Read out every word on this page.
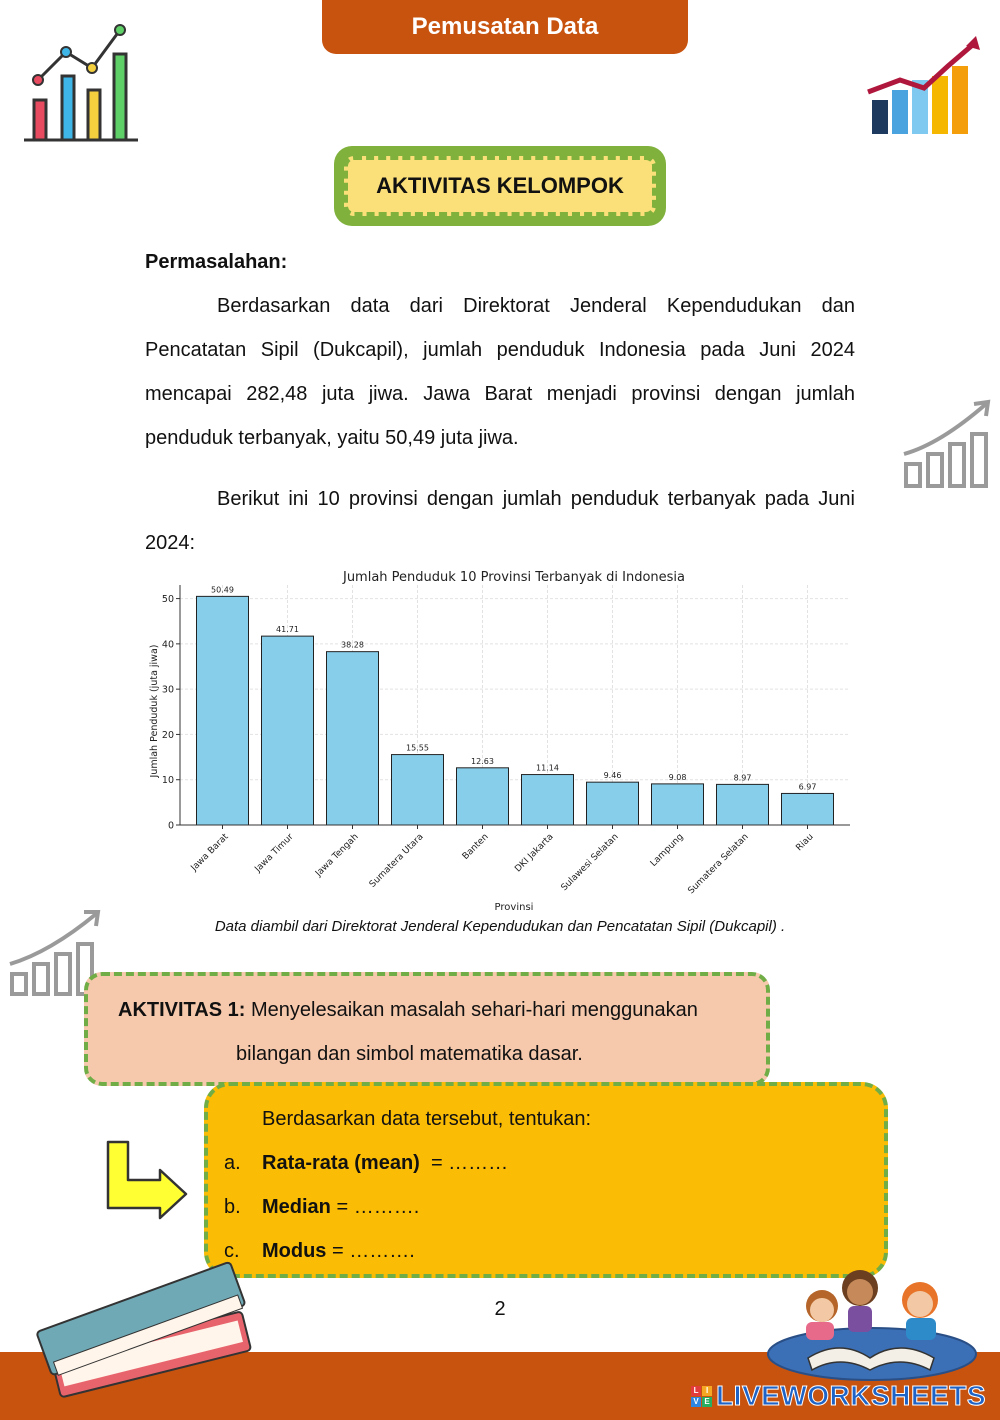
Pemusatan Data
AKTIVITAS KELOMPOK
Permasalahan:

Berdasarkan data dari Direktorat Jenderal Kependudukan dan Pencatatan Sipil (Dukcapil), jumlah penduduk Indonesia pada Juni 2024 mencapai 282,48 juta jiwa. Jawa Barat menjadi provinsi dengan jumlah penduduk terbanyak, yaitu 50,49 juta jiwa.

Berikut ini 10 provinsi dengan jumlah penduduk terbanyak pada Juni 2024:

Jumlah Penduduk 10 Provinsi Terbanyak di Indonesia
Jumlah Penduduk (juta jiwa)
Provinsi
50.49
41.71
38.28
15.55
12.63
11.14
9.46	9.08	8.97
6.97
0
10
20
30
40
50
Jawa Barat	Jawa Timur Jawa Tengah Sumatera Utara	Banten	DKI Jakarta Sulawesi Selatan	Lampung Sumatera Selatan	Riau
Data diambil dari Direktorat Jenderal Kependudukan dan Pencatatan Sipil (Dukcapil) .
AKTIVITAS 1: Menyelesaikan masalah sehari-hari menggunakan
bilangan dan simbol matematika dasar.
Berdasarkan data tersebut, tentukan:
a. Rata-rata (mean)  = ………
b. Median = ……….
c. Modus = ……….
2
L I
V E LIVEWORKSHEETS
